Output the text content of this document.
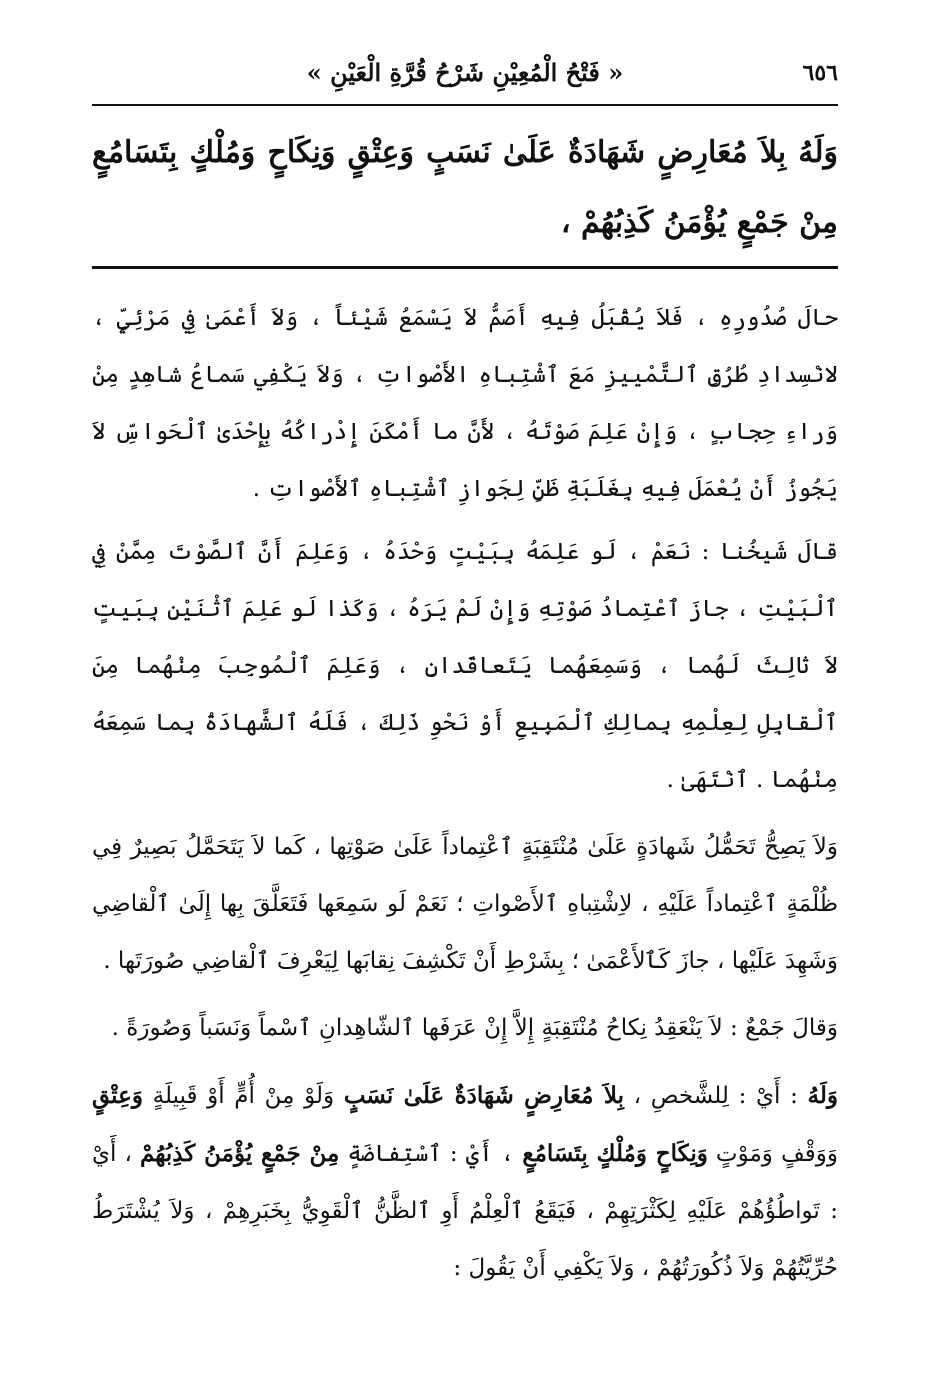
٦٥٦
« فَتْحُ الْمُعِيْنِ شَرْحُ قُرَّةِ الْعَيْنِ »
وَلَهُ بِلاَ مُعَارِضٍ شَهَادَةٌ عَلَىٰ نَسَبٍ وَعِتْقٍ وَنِكَاحٍ وَمُلْكٍ بِتَسَامُعٍ مِنْ جَمْعٍ يُؤْمَنُ كَذِبُهُمْ ،

حالَ صُدُورِهِ ، فَلاَ يُقْبَلُ فِيهِ أَصَمُّ لاَ يَسْمَعُ شَيْئاً ، وَلاَ أَعْمَىٰ فِي مَرْئِيٍّ ، لانْسِدادِ طُرُقِ ٱلتَّمْييزِ مَعَ ٱشْتِباهِ الأَصْواتِ ، وَلاَ يَكْفِي سَماعُ شاهِدٍ مِنْ وَراءِ حِجابٍ ، وَإِنْ عَلِمَ صَوْتَهُ ، لأَنَّ ما أَمْكَنَ إِدْراكُهُ بِإِحْدَىٰ ٱلْحَواسِّ لاَ يَجُوزُ أَنْ يُعْمَلَ فِيهِ بِغَلَبَةِ ظَنٍّ لِجَوازِ ٱشْتِباهِ ٱلأَصْواتِ .

قالَ شَيخُنا : نَعَمْ ، لَو عَلِمَهُ بِبَيْتٍ وَحْدَهُ ، وَعَلِمَ أَنَّ ٱلصَّوْتَ مِمَّنْ فِي ٱلْبَيْتِ ، جازَ ٱعْتِمادُ صَوْتِهِ وَإِنْ لَمْ يَرَهُ ، وَكَذا لَو عَلِمَ ٱثْنَيْنِ بِبَيتٍ لاَ ثالِثَ لَهُما ، وَسَمِعَهُما يَتَعاقَدانِ ، وَعَلِمَ ٱلْمُوجِبَ مِنْهُما مِنَ ٱلْقابِلِ لِعِلْمِهِ بِمالِكِ ٱلْمَبِيعِ أَوْ نَحْوِ ذَلِكَ ، فَلَهُ ٱلشَّهادَةُ بِما سَمِعَهُ مِنْهُما . ٱنْتَهَىٰ .

وَلاَ يَصِحُّ تَحَمُّلُ شَهادَةٍ عَلَىٰ مُنْتَقِبَةٍ ٱعْتِماداً عَلَىٰ صَوْتِها ، كَما لاَ يَتَحَمَّلُ بَصِيرٌ فِي ظُلْمَةٍ ٱعْتِماداً عَلَيْهِ ، لاِشْتِباهِ ٱلأَصْواتِ ؛ نَعَمْ لَو سَمِعَها فَتَعَلَّقَ بِها إِلَىٰ ٱلْقاضِي وَشَهِدَ عَلَيْها ، جازَ كَٱلأَعْمَىٰ ؛ بِشَرْطِ أَنْ تَكْشِفَ نِقابَها لِيَعْرِفَ ٱلْقاضِي صُورَتَها .

وَقالَ جَمْعٌ : لاَ يَنْعَقِدُ نِكاحُ مُنْتَقِبَةٍ إِلاَّ إِنْ عَرَفَها ٱلشّاهِدانِ ٱسْماً وَنَسَباً وَصُورَةً .

وَلَهُ : أَيْ : لِلشَّخصِ ، بِلاَ مُعَارِضٍ شَهَادَةٌ عَلَىٰ نَسَبٍ وَلَوْ مِنْ أُمٍّ أَوْ قَبِيلَةٍ وَعِتْقٍ وَوَقْفٍ وَمَوْتٍ وَنِكَاحٍ وَمُلْكٍ بِتَسَامُعٍ ، أَيْ : ٱسْتِفاضَةٍ مِنْ جَمْعٍ يُؤْمَنُ كَذِبُهُمْ ، أَيْ : تَواطُؤُهُمْ عَلَيْهِ لِكَثْرَتِهِمْ ، فَيَقَعُ ٱلْعِلْمُ أَوِ ٱلظَّنُّ ٱلْقَوِيُّ بِخَبَرِهِمْ ، وَلاَ يُشْتَرَطُ حُرِّيَّتُهُمْ وَلاَ ذُكُورَتُهُمْ ، وَلاَ يَكْفِي أَنْ يَقُولَ :
